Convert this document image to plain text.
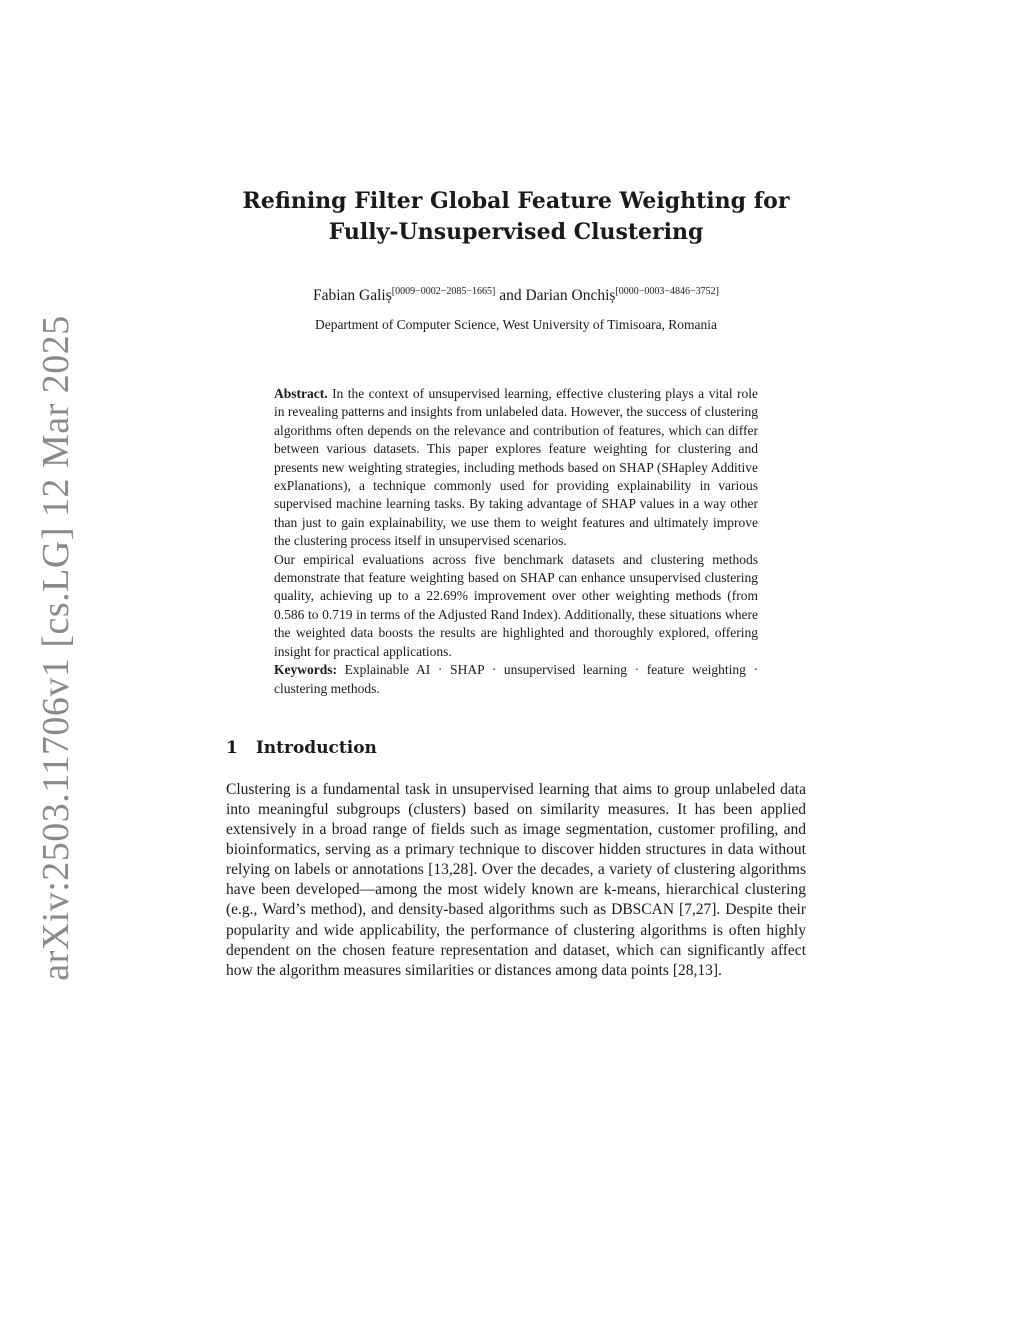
arXiv:2503.11706v1 [cs.LG] 12 Mar 2025
Refining Filter Global Feature Weighting for
Fully-Unsupervised Clustering
Fabian Galiș[0009−0002−2085−1665] and Darian Onchiș[0000−0003−4846−3752]
Department of Computer Science, West University of Timisoara, Romania

Abstract. In the context of unsupervised learning, effective clustering plays a vital role in revealing patterns and insights from unlabeled data. However, the success of clustering algorithms often depends on the relevance and contribution of features, which can differ between various datasets. This paper explores feature weighting for clustering and presents new weighting strategies, including methods based on SHAP (SHapley Additive exPlanations), a technique commonly used for providing explainability in various supervised machine learning tasks. By taking advantage of SHAP values in a way other than just to gain explainability, we use them to weight features and ultimately improve the clustering process itself in unsupervised scenarios.

Our empirical evaluations across five benchmark datasets and clustering methods demonstrate that feature weighting based on SHAP can enhance unsupervised clustering quality, achieving up to a 22.69% improvement over other weighting methods (from 0.586 to 0.719 in terms of the Adjusted Rand Index). Additionally, these situations where the weighted data boosts the results are highlighted and thoroughly explored, offering insight for practical applications.

Keywords: Explainable AI · SHAP · unsupervised learning · feature weighting · clustering methods.

1 Introduction

Clustering is a fundamental task in unsupervised learning that aims to group unlabeled data into meaningful subgroups (clusters) based on similarity measures. It has been applied extensively in a broad range of fields such as image segmentation, customer profiling, and bioinformatics, serving as a primary technique to discover hidden structures in data without relying on labels or annotations [13,28]. Over the decades, a variety of clustering algorithms have been developed—among the most widely known are k-means, hierarchical clustering (e.g., Ward’s method), and density-based algorithms such as DBSCAN [7,27]. Despite their popularity and wide applicability, the performance of clustering algorithms is often highly dependent on the chosen feature representation and dataset, which can significantly affect how the algorithm measures similarities or distances among data points [28,13].
